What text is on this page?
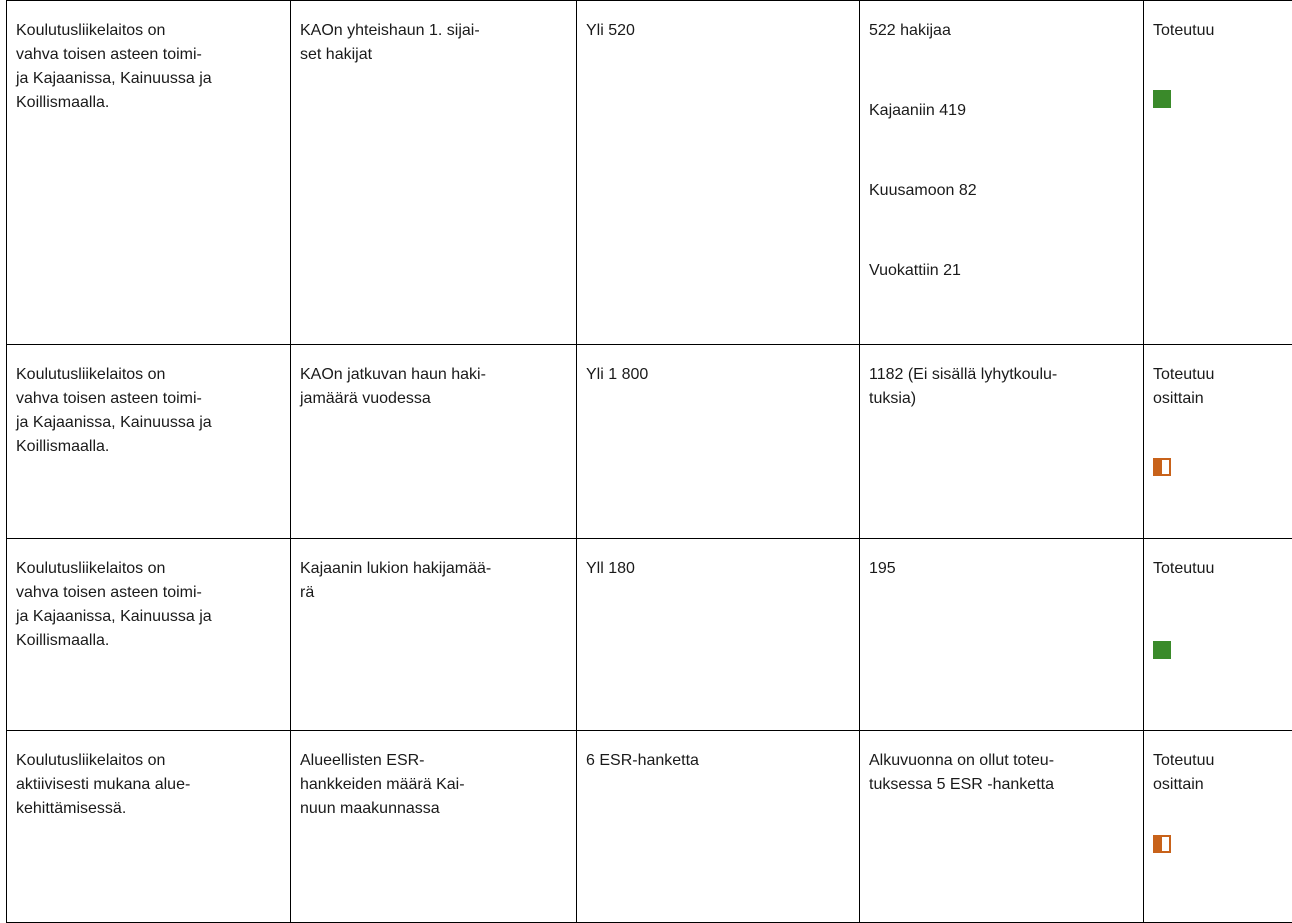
Koulutusliikelaitos on
vahva toisen asteen toimi-
ja Kajaanissa, Kainuussa ja
Koillismaalla.	KAOn yhteishaun 1. sijai-
set hakijat	Yli 520	522 hakijaa
Kajaaniin 419
Kuusamoon 82
Vuokattiin 21	Toteutuu

Koulutusliikelaitos on
vahva toisen asteen toimi-
ja Kajaanissa, Kainuussa ja
Koillismaalla.	KAOn jatkuvan haun haki-
jamäärä vuodessa	Yli 1 800	1182 (Ei sisällä lyhytkoulu-
tuksia)	Toteutuu
osittain

Koulutusliikelaitos on
vahva toisen asteen toimi-
ja Kajaanissa, Kainuussa ja
Koillismaalla.	Kajaanin lukion hakijamää-
rä	Yll 180	195	Toteutuu

Koulutusliikelaitos on
aktiivisesti mukana alue-
kehittämisessä.	Alueellisten ESR-
hankkeiden määrä Kai-
nuun maakunnassa	6 ESR-hanketta	Alkuvuonna on ollut toteu-
tuksessa 5 ESR -hanketta	Toteutuu
osittain
